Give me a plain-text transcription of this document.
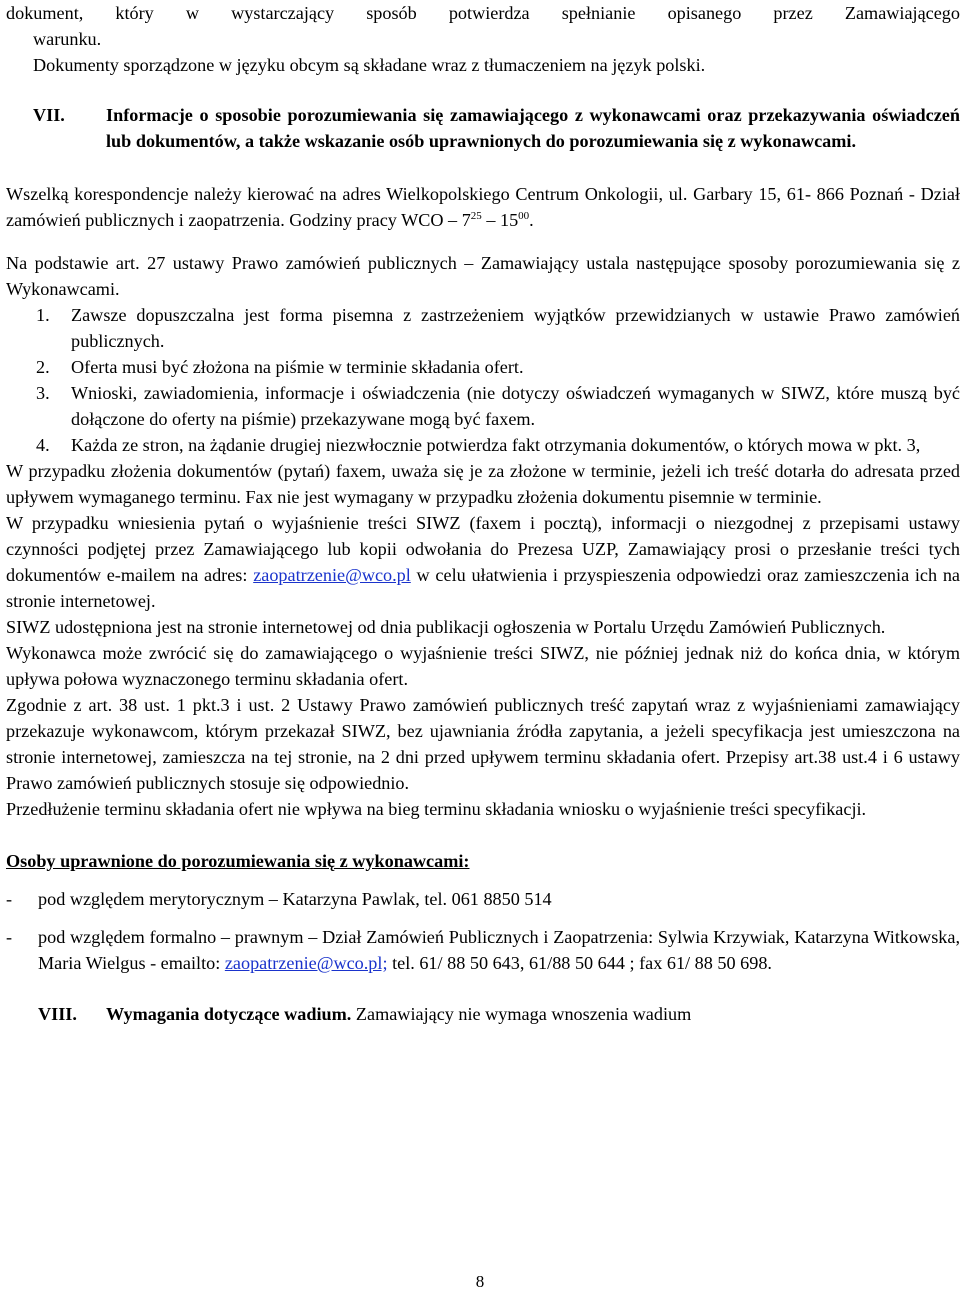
dokument, który w wystarczający sposób potwierdza spełnianie opisanego przez Zamawiającego

warunku.

Dokumenty sporządzone w języku obcym są składane wraz z tłumaczeniem na język polski.

VII. Informacje o sposobie porozumiewania się zamawiającego z wykonawcami oraz przekazywania oświadczeń lub dokumentów, a także wskazanie osób uprawnionych do porozumiewania się z wykonawcami.

Wszelką korespondencje należy kierować na adres Wielkopolskiego Centrum Onkologii, ul. Garbary 15, 61- 866 Poznań - Dział zamówień publicznych i zaopatrzenia. Godziny pracy WCO – $7^{25} - 15^{00}$.

Na podstawie art. 27 ustawy Prawo zamówień publicznych – Zamawiający ustala następujące sposoby porozumiewania się z Wykonawcami.

1. Zawsze dopuszczalna jest forma pisemna z zastrzeżeniem wyjątków przewidzianych w ustawie Prawo zamówień publicznych.
2. Oferta musi być złożona na piśmie w terminie składania ofert.
3. Wnioski, zawiadomienia, informacje i oświadczenia (nie dotyczy oświadczeń wymaganych w SIWZ, które muszą być dołączone do oferty na piśmie) przekazywane mogą być faxem.
4. Każda ze stron, na żądanie drugiej niezwłocznie potwierdza fakt otrzymania dokumentów, o których mowa w pkt. 3,

W przypadku złożenia dokumentów (pytań) faxem, uważa się je za złożone w terminie, jeżeli ich treść dotarła do adresata przed upływem wymaganego terminu. Fax nie jest wymagany w przypadku złożenia dokumentu pisemnie w terminie.

W przypadku wniesienia pytań o wyjaśnienie treści SIWZ (faxem i pocztą), informacji o niezgodnej z przepisami ustawy czynności podjętej przez Zamawiającego lub kopii odwołania do Prezesa UZP, Zamawiający prosi o przesłanie treści tych dokumentów e-mailem na adres: zaopatrzenie@wco.pl w celu ułatwienia i przyspieszenia odpowiedzi oraz zamieszczenia ich na stronie internetowej.

SIWZ udostępniona jest na stronie internetowej od dnia publikacji ogłoszenia w Portalu Urzędu Zamówień Publicznych.

Wykonawca może zwrócić się do zamawiającego o wyjaśnienie treści SIWZ, nie później jednak niż do końca dnia, w którym upływa połowa wyznaczonego terminu składania ofert.

Zgodnie z art. 38 ust. 1 pkt.3 i ust. 2 Ustawy Prawo zamówień publicznych treść zapytań wraz z wyjaśnieniami zamawiający przekazuje wykonawcom, którym przekazał SIWZ, bez ujawniania źródła zapytania, a jeżeli specyfikacja jest umieszczona na stronie internetowej, zamieszcza na tej stronie, na 2 dni przed upływem terminu składania ofert. Przepisy art.38 ust.4 i 6 ustawy Prawo zamówień publicznych stosuje się odpowiednio.

Przedłużenie terminu składania ofert nie wpływa na bieg terminu składania wniosku o wyjaśnienie treści specyfikacji.

Osoby uprawnione do porozumiewania się z wykonawcami:

- pod względem merytorycznym – Katarzyna Pawlak, tel. 061 8850 514
- pod względem formalno – prawnym – Dział Zamówień Publicznych i Zaopatrzenia: Sylwia Krzywiak, Katarzyna Witkowska, Maria Wielgus - emailto: zaopatrzenie@wco.pl; tel. 61/ 88 50 643, 61/88 50 644 ; fax 61/ 88 50 698.
VIII. Wymagania dotyczące wadium. Zamawiający nie wymaga wnoszenia wadium
8
